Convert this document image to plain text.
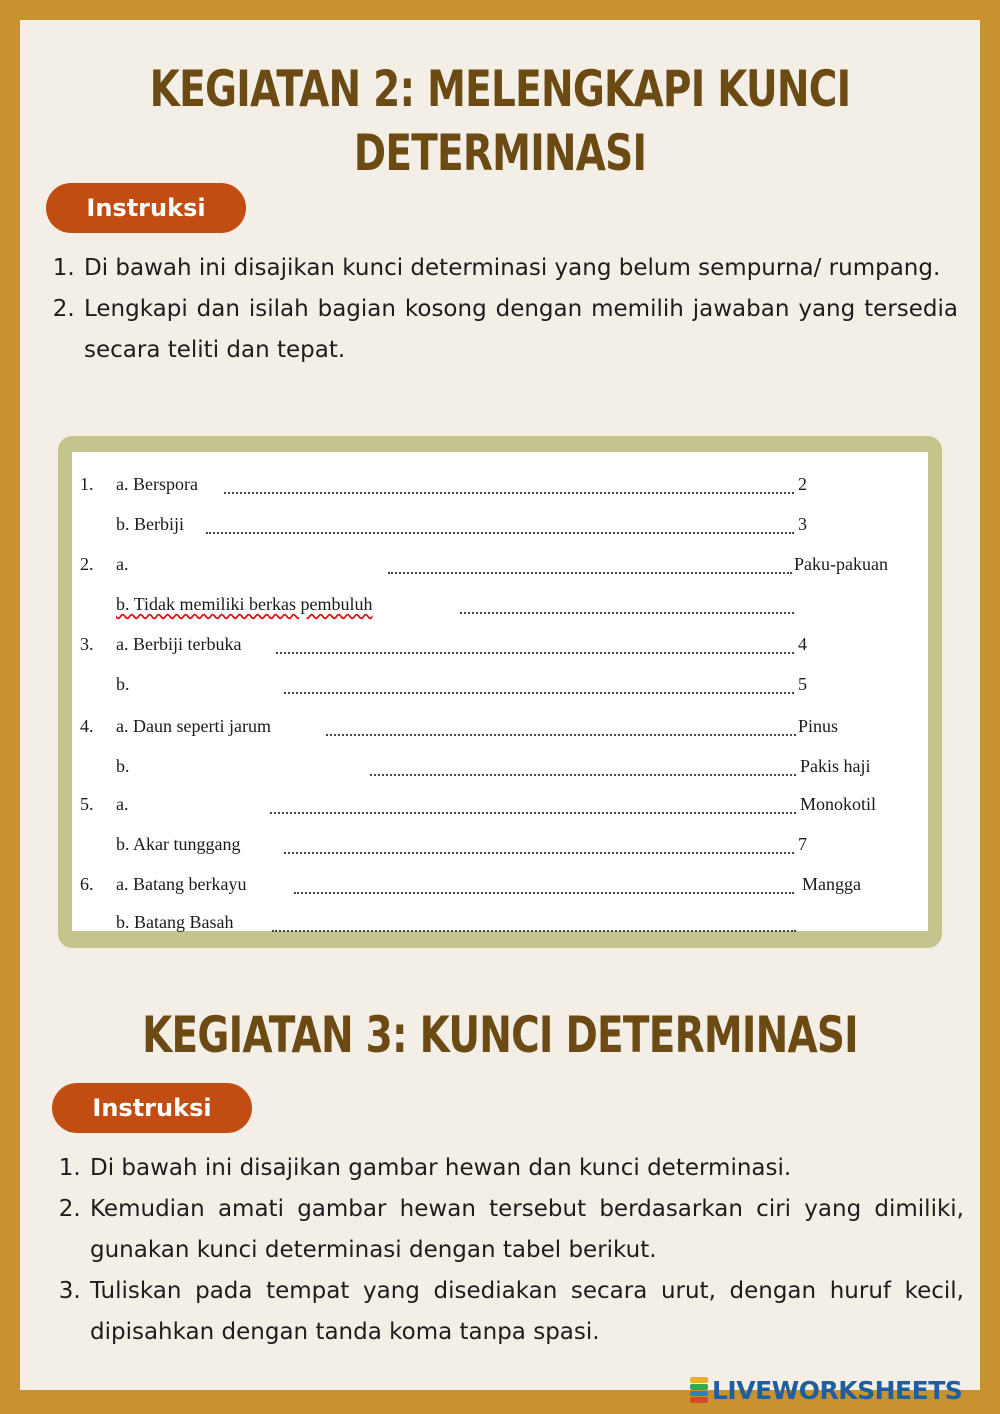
KEGIATAN 2: MELENGKAPI KUNCI
DETERMINASI
Instruksi
1. Di bawah ini disajikan kunci determinasi yang belum sempurna/ rumpang.
2. Lengkapi dan isilah bagian kosong dengan memilih jawaban yang tersedia secara teliti dan tepat.
1. a. Berspora	2
b. Berbiji	3
2. a.	Paku-pakuan
b. Tidak memiliki berkas pembuluh
3. a. Berbiji terbuka	4
b.	5
4. a. Daun seperti jarum	Pinus
b.	Pakis haji
5. a.	Monokotil
b. Akar tunggang	7
6. a. Batang berkayu	Mangga
b. Batang Basah
KEGIATAN 3: KUNCI DETERMINASI
Instruksi
1. Di bawah ini disajikan gambar hewan dan kunci determinasi.
2. Kemudian amati gambar hewan tersebut berdasarkan ciri yang dimiliki, gunakan kunci determinasi dengan tabel berikut.
3. Tuliskan pada tempat yang disediakan secara urut, dengan huruf kecil, dipisahkan dengan tanda koma tanpa spasi.
LIVEWORKSHEETS
